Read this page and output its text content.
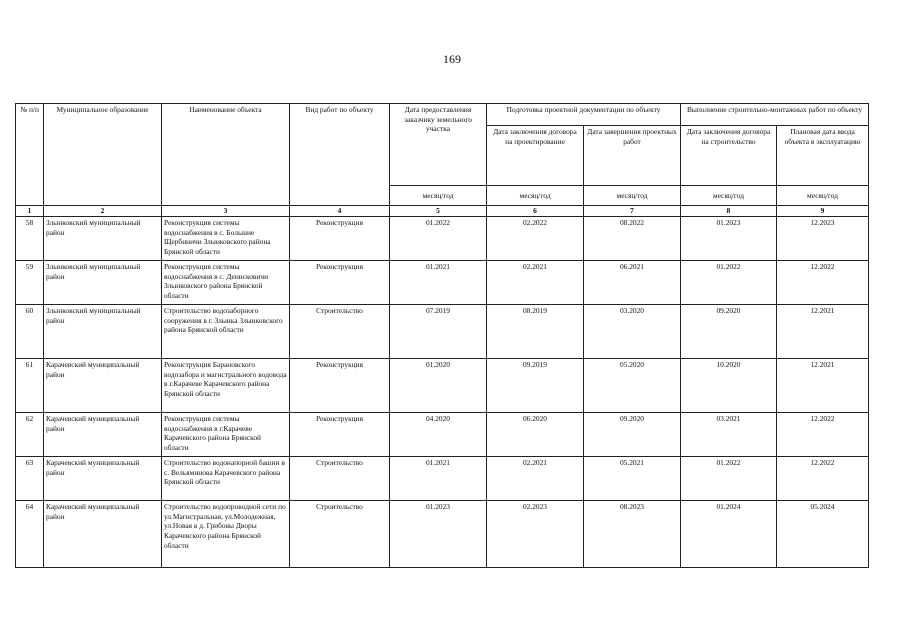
169
№ п/п	Муниципальное образование	Наименование объекта	Вид работ по объекту	Дата предоставления заказчику земельного участка	Подготовка проектной документации по объекту		Выполнение строительно-монтажных работ по объекту	
					Дата заключения договора на проектирование	Дата завершения проектных работ	Дата заключения договора на строительство	Плановая дата ввода объекта в эксплуатацию
				месяц/год	месяц/год	месяц/год	месяц/год	месяц/год
1	2	3	4	5	6	7	8	9
58	Злынковский муниципальный район	Реконструкция системы водоснабжения в с. Большие Щербиничи Злынковского района Брянской области	Реконструкция	01.2022	02.2022	08.2022	01.2023	12.2023
59	Злынковский муниципальный район	Реконструкция системы водоснабжения в с. Денисковичи Злынковского района Брянской области	Реконструкция	01.2021	02.2021	06.2021	01.2022	12.2022
60	Злынковский муниципальный район	Строительство водозаборного сооружения в г. Злынка Злынковского района Брянской области	Строительство	07.2019	08.2019	03.2020	09.2020	12.2021
61	Карачевский муниципальный район	Реконструкция Барановского водозабора и магистрального водовода в г.Карачеве Карачевского района Брянской области	Реконструкция	01.2020	09.2019	05.2020	10.2020	12.2021
62	Карачевский муниципальный район	Реконструкция системы водоснабжения в г.Карачеве Карачевского района Брянской области	Реконструкция	04.2020	06.2020	09.2020	03.2021	12.2022
63	Карачевский муниципальный район	Строительство водонапорной башни в с. Вельяминова Карачевского района Брянской области	Строительство	01.2021	02.2021	05.2021	01.2022	12.2022
64	Карачевский муниципальный район	Строительство водопроводной сети по ул.Магистральная, ул.Молодежная, ул.Новая в д. Грибовы Дворы Карачевского района Брянской области	Строительство	01.2023	02.2023	08.2023	01.2024	05.2024
